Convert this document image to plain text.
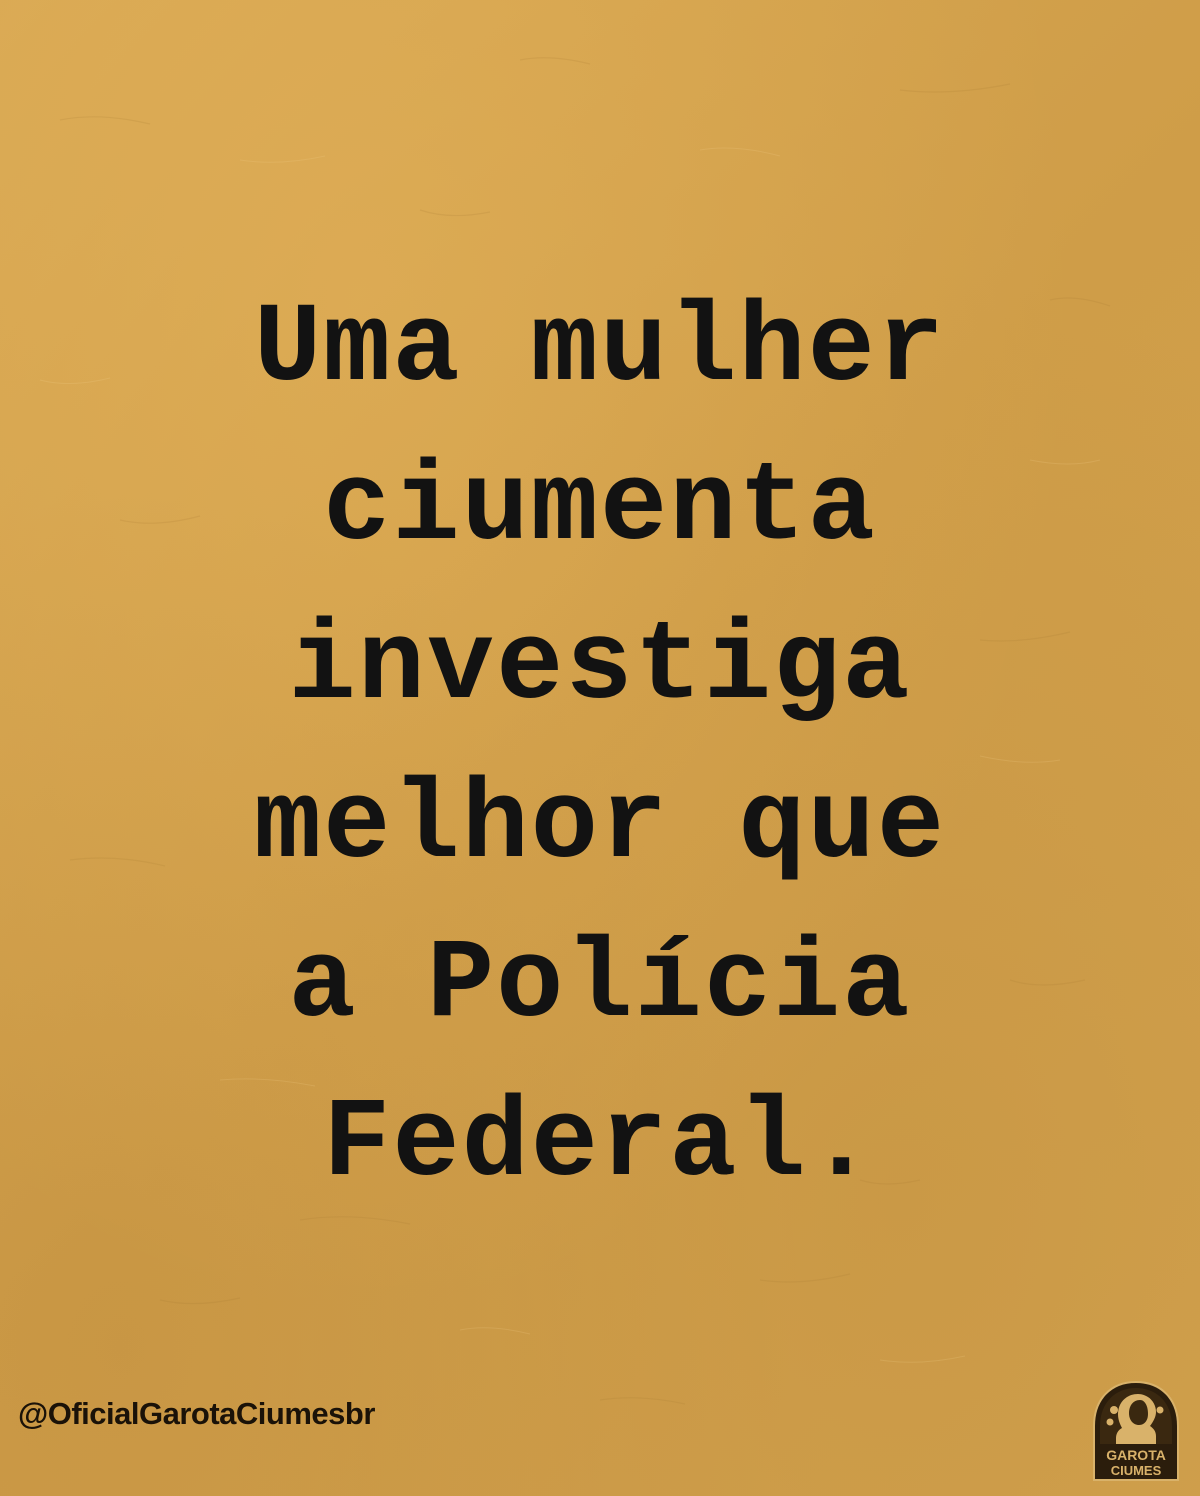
Uma mulher
ciumenta
investiga
melhor que
a Polícia
Federal.
@OficialGarotaCiumesbr
GAROTA
CIUMES
